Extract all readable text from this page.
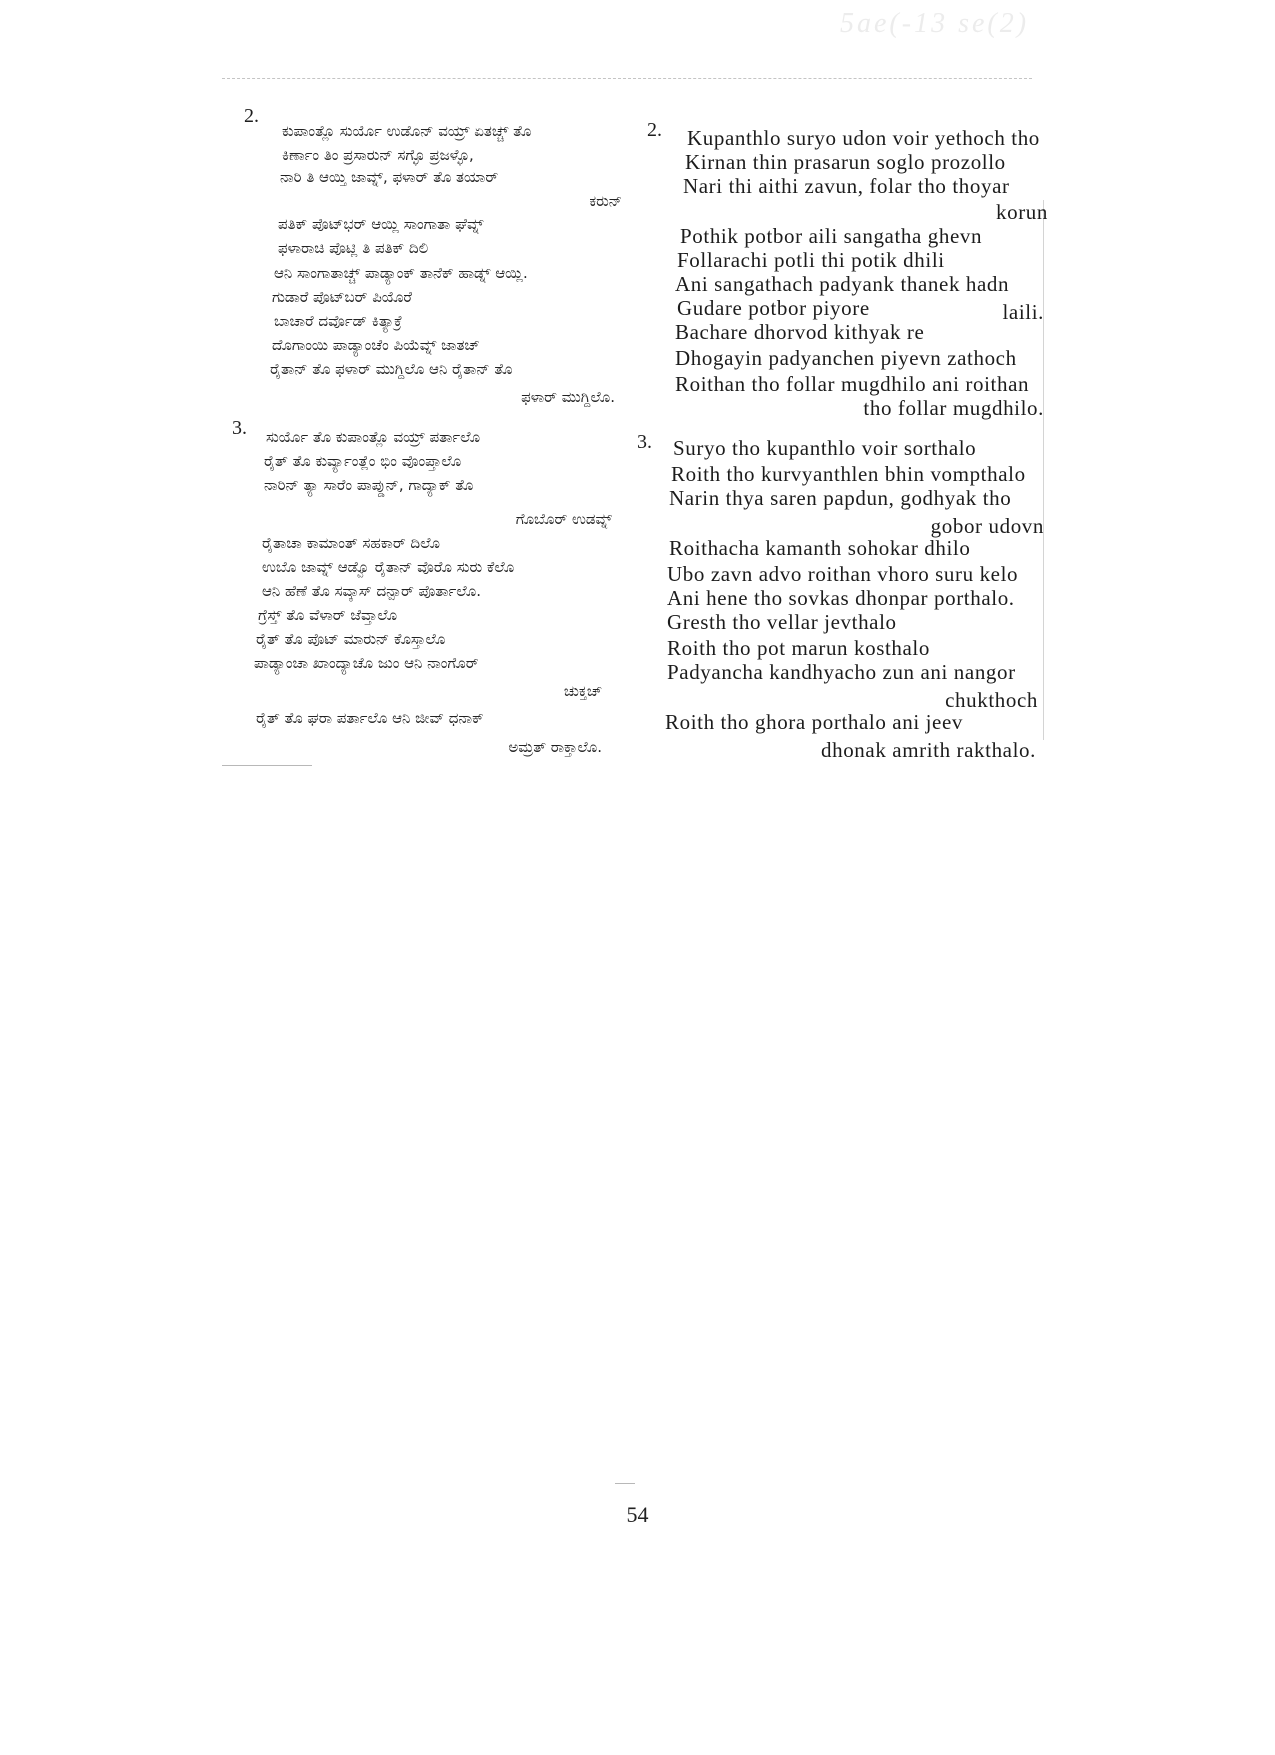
5ae(-13 se(2)
2.
ಕುಪಾಂತ್ಲೊ ಸುರ್ಯೊ ಉಡೊನ್ ವಯ್ರ್ ಏತಚ್ಚ್ ತೊ
ಕಿರ್ಣಾಂ ತಿಂ ಪ್ರಸಾರುನ್ ಸಗ್ಳೊ ಪ್ರಜಳ್ಳೊ,
ನಾರಿ ತಿ ಆಯ್ತಿ ಜಾವ್ನ್, ಫಳಾರ್ ತೊ ತಯಾರ್
ಕರುನ್
ಪತಿಕ್ ಪೊಟ್‌ಭರ್ ಆಯ್ಲಿ ಸಾಂಗಾತಾ ಘೆವ್ನ್
ಫಳಾರಾಚಿ ಪೊಟ್ಲಿ ತಿ ಪತಿಕ್ ದಿಲಿ
ಆನಿ ಸಾಂಗಾತಾಚ್ಚ್ ಪಾಡ್ಯಾಂಕ್ ತಾನೆಕ್ ಹಾಡ್ನ್ ಆಯ್ಲಿ.
ಗುಡಾರೆ ಪೊಟ್‌ಬರ್ ಪಿಯೊರೆ
ಬಾಚಾರೆ ದರ್ವೊಡ್ ಕಿತ್ಯಾಕ್ರೆ
ದೊಗಾಂಯಿ ಪಾಡ್ಯಾಂಚೆಂ ಪಿಯೆವ್ನ್ ಜಾತಚ್
ರೈತಾನ್ ತೊ ಫಳಾರ್ ಮುಗ್ದಿಲೊ ಆನಿ ರೈತಾನ್ ತೊ
ಫಳಾರ್ ಮುಗ್ದಿಲೊ.
3. ಸುರ್ಯೊ ತೊ ಕುಪಾಂತ್ಲೊ ವಯ್ರ್ ಪರ್ತಾಲೊ
ರೈತ್ ತೊ ಕುರ್ವ್ಯಾಂತ್ಲೆಂ ಭಿಂ ವೊಂಪ್ತಾಲೊ
ನಾರಿನ್ ತ್ಯಾ ಸಾರೆಂ ಪಾಪ್ಡುನ್, ಗಾದ್ಯಾಕ್ ತೊ
ಗೊಬೊರ್ ಉಡವ್ನ್
ರೈತಾಚಾ ಕಾಮಾಂತ್ ಸಹಕಾರ್ ದಿಲೊ
ಉಬೊ ಜಾವ್ನ್ ಆಡ್ವೊ ರೈತಾನ್ ವೊರೊ ಸುರು ಕೆಲೊ
ಆನಿ ಹೆಣೆ ತೊ ಸವ್ಕಾಸ್ ದನ್ಪಾರ್ ಪೊರ್ತಾಲೊ.
ಗ್ರೆಸ್ತ್ ತೊ ವೆಳಾರ್ ಜೆವ್ತಾಲೊ
ರೈತ್ ತೊ ಪೊಟ್ ಮಾರುನ್ ಕೊಸ್ತಾಲೊ
ಪಾಡ್ಯಾಂಚಾ ಖಾಂದ್ಯಾಚೊ ಜುಂ ಆನಿ ನಾಂಗೊರ್
ಚುಕ್ತಚ್
ರೈತ್ ತೊ ಘರಾ ಪರ್ತಾಲೊ ಆನಿ ಜೀವ್ ಧನಾಕ್
ಅಮ್ರತ್ ರಾಕ್ತಾಲೊ.
2. Kupanthlo suryo udon voir yethoch tho
Kirnan thin prasarun soglo prozollo
Nari thi aithi zavun, folar tho thoyar
korun
Pothik potbor aili sangatha ghevn
Follarachi potli thi potik dhili
Ani sangathach padyank thanek hadn
Gudare potbor piyore	laili.
Bachare dhorvod kithyak re
Dhogayin padyanchen piyevn zathoch
Roithan tho follar mugdhilo ani roithan
tho follar mugdhilo.
3. Suryo tho kupanthlo voir sorthalo
Roith tho kurvyanthlen bhin vompthalo
Narin thya saren papdun, godhyak tho
gobor udovn
Roithacha kamanth sohokar dhilo
Ubo zavn advo roithan vhoro suru kelo
Ani hene tho sovkas dhonpar porthalo.
Gresth tho vellar jevthalo
Roith tho pot marun kosthalo
Padyancha kandhyacho zun ani nangor
chukthoch
Roith tho ghora porthalo ani jeev
dhonak amrith rakthalo.
54
